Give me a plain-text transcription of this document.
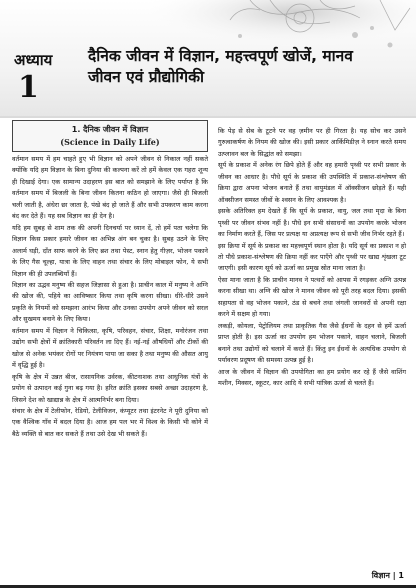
अध्याय
1
दैनिक जीवन में विज्ञान, महत्त्वपूर्ण खोजें, मानव जीवन एवं प्रौद्योगिकी
1. दैनिक जीवन में विज्ञान
(Science in Daily Life)

वर्तमान समय में हम चाहते हुए भी विज्ञान को अपने जीवन से निकाल नहीं सकते क्योंकि यदि हम विज्ञान के बिना दुनिया की कल्पना करें तो हमें केवल एक गहरा शून्य ही दिखाई देगा। एक सामान्य उदाहरण इस बात को समझाने के लिए पर्याप्त है कि वर्तमान समय में बिजली के बिना जीवन कितना कठिन हो जाएगा। जैसे ही बिजली चली जाती है, अंधेरा छा जाता है, पंखे बंद हो जाते हैं और सभी उपकरण काम करना बंद कर देते हैं। यह सब विज्ञान का ही देन है।

यदि हम सुबह से शाम तक की अपनी दिनचर्या पर ध्यान दें, तो हमें पता चलेगा कि विज्ञान किस प्रकार हमारे जीवन का अभिन्न अंग बन चुका है। सुबह उठने के लिए अलार्म घड़ी, दाँत साफ करने के लिए ब्रश तथा पेस्ट, स्नान हेतु गीज़र, भोजन पकाने के लिए गैस चूल्हा, यात्रा के लिए वाहन तथा संचार के लिए मोबाइल फोन, ये सभी विज्ञान की ही उपलब्धियाँ हैं।

विज्ञान का उद्भव मनुष्य की सहज जिज्ञासा से हुआ है। प्राचीन काल में मनुष्य ने अग्नि की खोज की, पहिये का आविष्कार किया तथा कृषि करना सीखा। धीरे-धीरे उसने प्रकृति के नियमों को समझना आरंभ किया और उनका उपयोग अपने जीवन को सरल और सुखमय बनाने के लिए किया।

वर्तमान समय में विज्ञान ने चिकित्सा, कृषि, परिवहन, संचार, शिक्षा, मनोरंजन तथा उद्योग सभी क्षेत्रों में क्रांतिकारी परिवर्तन ला दिए हैं। नई-नई औषधियों और टीकों की खोज से अनेक भयंकर रोगों पर नियंत्रण पाया जा सका है तथा मनुष्य की औसत आयु में वृद्धि हुई है।

कृषि के क्षेत्र में उन्नत बीज, रासायनिक उर्वरक, कीटनाशक तथा आधुनिक यंत्रों के प्रयोग से उत्पादन कई गुना बढ़ गया है। हरित क्रांति इसका सबसे अच्छा उदाहरण है, जिसने देश को खाद्यान्न के क्षेत्र में आत्मनिर्भर बना दिया।

संचार के क्षेत्र में टेलीफोन, रेडियो, टेलीविजन, कंप्यूटर तथा इंटरनेट ने पूरी दुनिया को एक वैश्विक गाँव में बदल दिया है। आज हम पल भर में विश्व के किसी भी कोने में बैठे व्यक्ति से बात कर सकते हैं तथा उसे देख भी सकते हैं।

कि पेड़ से सेब के टूटने पर वह ज़मीन पर ही गिरता है। यह सोच कर उसने गुरुत्वाकर्षण के नियम की खोज की। इसी प्रकार आर्किमिडीज़ ने स्नान करते समय उत्प्लावन बल के सिद्धांत को समझा।

सूर्य के प्रकाश में अनेक रंग छिपे होते हैं और वह हमारी पृथ्वी पर सभी प्रकार के जीवन का आधार है। पौधे सूर्य के प्रकाश की उपस्थिति में प्रकाश-संश्लेषण की क्रिया द्वारा अपना भोजन बनाते हैं तथा वायुमंडल में ऑक्सीजन छोड़ते हैं। यही ऑक्सीजन समस्त जीवों के श्वसन के लिए आवश्यक है।

इसके अतिरिक्त हम देखते हैं कि सूर्य के प्रकाश, वायु, जल तथा मृदा के बिना पृथ्वी पर जीवन संभव नहीं है। पौधे इन सभी संसाधनों का उपयोग करके भोजन का निर्माण करते हैं, जिस पर प्रत्यक्ष या अप्रत्यक्ष रूप से सभी जीव निर्भर रहते हैं।

इस क्रिया में सूर्य के प्रकाश का महत्त्वपूर्ण स्थान होता है। यदि सूर्य का प्रकाश न हो तो पौधे प्रकाश-संश्लेषण की क्रिया नहीं कर पाएँगे और पृथ्वी पर खाद्य शृंखला टूट जाएगी। इसी कारण सूर्य को ऊर्जा का प्रमुख स्रोत माना जाता है।

ऐसा माना जाता है कि प्राचीन मानव ने पत्थरों को आपस में रगड़कर अग्नि उत्पन्न करना सीखा था। अग्नि की खोज ने मानव जीवन को पूरी तरह बदल दिया। इसकी सहायता से वह भोजन पकाने, ठंड से बचने तथा जंगली जानवरों से अपनी रक्षा करने में सक्षम हो गया।

लकड़ी, कोयला, पेट्रोलियम तथा प्राकृतिक गैस जैसे ईंधनों के दहन से हमें ऊर्जा प्राप्त होती है। इस ऊर्जा का उपयोग हम भोजन पकाने, वाहन चलाने, बिजली बनाने तथा उद्योगों को चलाने में करते हैं। किंतु इन ईंधनों के अत्यधिक उपयोग से पर्यावरण प्रदूषण की समस्या उत्पन्न हुई है।

आज के जीवन में विज्ञान की उपयोगिता का हम प्रयोग कर रहे हैं जैसे वाशिंग मशीन, मिक्सर, स्कूटर, कार आदि ये सभी यांत्रिक ऊर्जा से चलते हैं।

विज्ञान | 1
